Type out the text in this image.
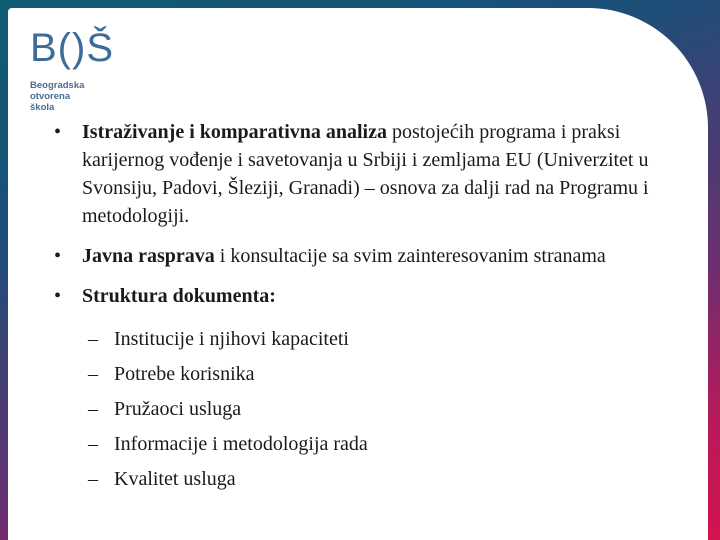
B()Š
Beogradska
otvorena
škola
• Istraživanje i komparativna analiza postojećih programa i praksi karijernog vođenje i savetovanja u Srbiji i zemljama EU (Univerzitet u Svonsiju, Padovi, Šleziji, Granadi) – osnova za dalji rad na Programu i metodologiji.
• Javna rasprava i konsultacije sa svim zainteresovanim stranama
• Struktura dokumenta:
– Institucije i njihovi kapaciteti
– Potrebe korisnika
– Pružaoci usluga
– Informacije i metodologija rada
– Kvalitet usluga
